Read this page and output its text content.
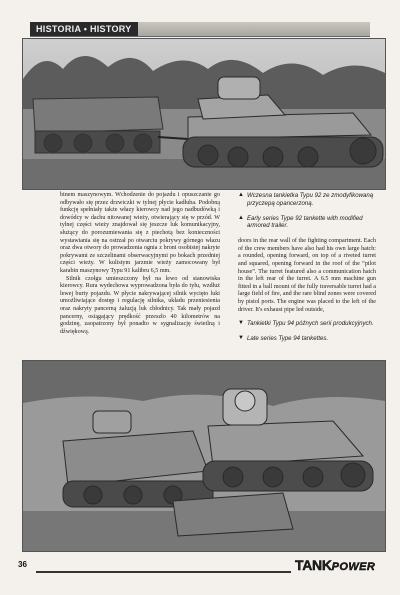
HISTORIA • HISTORY

binem maszynowym. Wchodzenie do pojazdu i opuszczanie go odbywało się przez drzwiczki w tylnej płycie kadłuba. Podobną funkcję spełniały także włazy kierowcy nad jego nadbudówką i dowódcy w dachu nitowanej wieży, otwierający się w przód. W tylnej części wieży znajdował się jeszcze luk komunikacyjny, służący do porozumiewania się z piechotą bez konieczności wystawiania się na ostrzał po otwarciu pokrywy górnego włazu oraz dwa otwory do prowadzenia ognia z broni osobistej nakryte pokrywami ze szczelinami obserwacyjnymi po bokach przedniej części wieży. W kulistym jarzmie wieży zamocowany był karabin maszynowy Typu 91 kalibru 6,5 mm.

Silnik czołgu umieszczony był na lewo od stanowiska kierowcy. Rura wydechowa wyprowadzona była do tyłu, wzdłuż lewej burty pojazdu. W płycie nakrywającej silnik wycięto luki umożliwiające dostęp i regulację silnika, układu przeniesienia oraz nakryty pancerną żaluzją luk chłodnicy. Tak mały pojazd pancerny, osiągający prędkość przeszło 40 kilometrów na godzinę, zaopatrzony był ponadto w sygnalizację świetlną i dźwiękową.

▲ Wczesna tankietka Typu 92 ze zmodyfikowaną przyczepą opancerzoną.
▲ Early series Type 92 tankette with modified armored trailer.
doors in the rear wall of the fighting compartment. Each of the crew members have also had his own large hatch: a rounded, opening forward, on top of a riveted turret and squared, opening forward in the roof of the “pilot house”. The turret featured also a communication hatch in the left rear of the turret. A 6.5 mm machine gun fitted in a ball mount of the fully traversable turret had a large field of fire, and the rare blind zones were covered by pistol ports. The engine was placed to the left of the driver. It's exhaust pipe led outside,
▼ Tankietki Typu 94 późnych serii produkcyjnych.
▼ Late series Type 94 tankettes.
36	TANKPOWER
